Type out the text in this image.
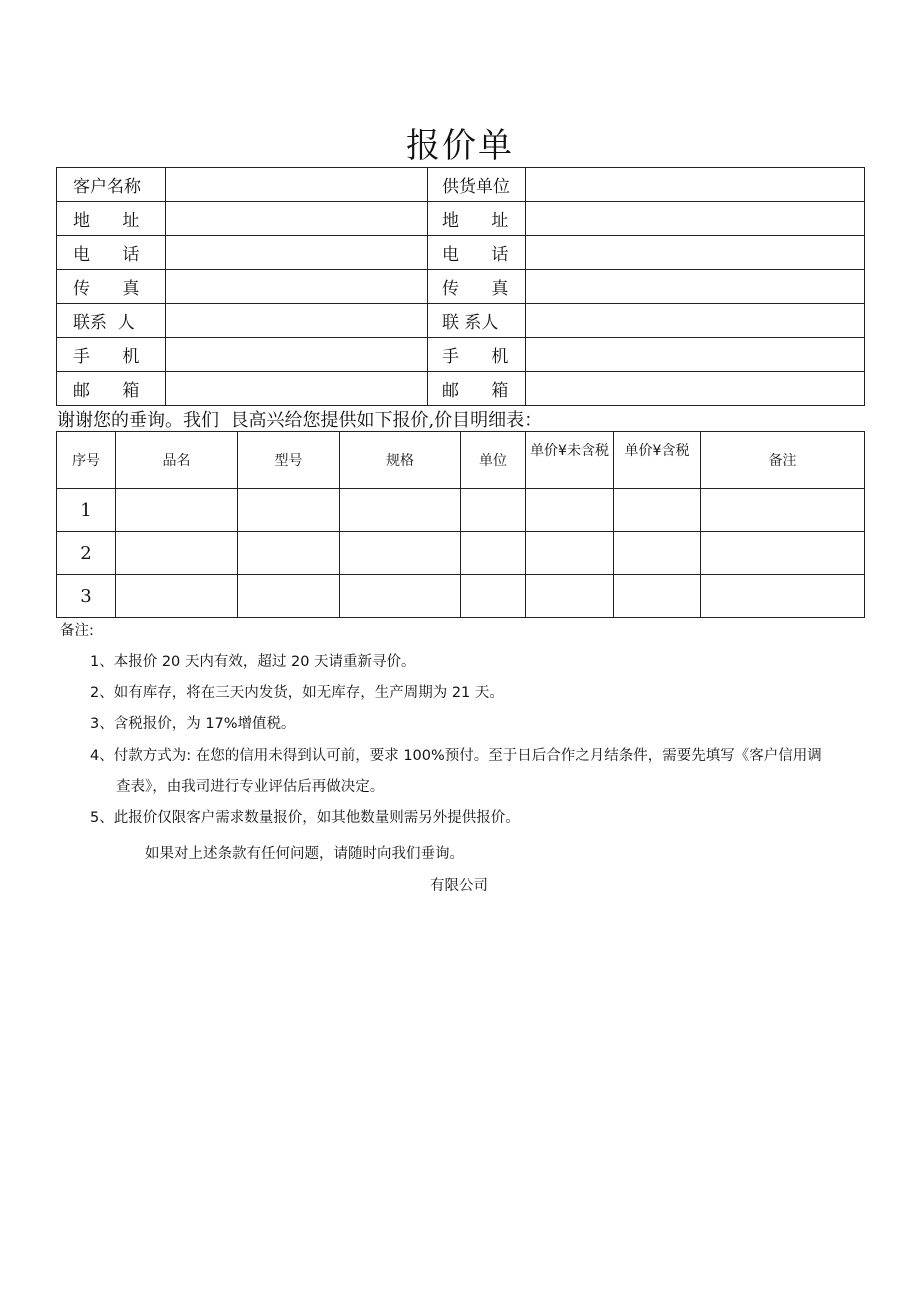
报价单
客户名称		供货单位	
地      址		地      址	
电      话		电      话	
传      真		传      真	
联系  人		联 系人	
手      机		手      机	
邮      箱		邮      箱	
谢谢您的垂询。我们  艮高兴给您提供如下报价,价目明细表：
序号	品名	型号	规格	单位	单价¥未含税	单价¥含税	备注
1							
2							
3							
备注:
1、本报价 20 天内有效，超过 20 天请重新寻价。
2、如有库存，将在三天内发货，如无库存，生产周期为 21 天。
3、含税报价，为 17%增值税。
4、付款方式为: 在您的信用未得到认可前，要求 100%预付。至于日后合作之月结条件，需要先填写《客户信用调
查表》，由我司进行专业评估后再做决定。
5、此报价仅限客户需求数量报价，如其他数量则需另外提供报价。
如果对上述条款有任何问题，请随时向我们垂询。
有限公司
